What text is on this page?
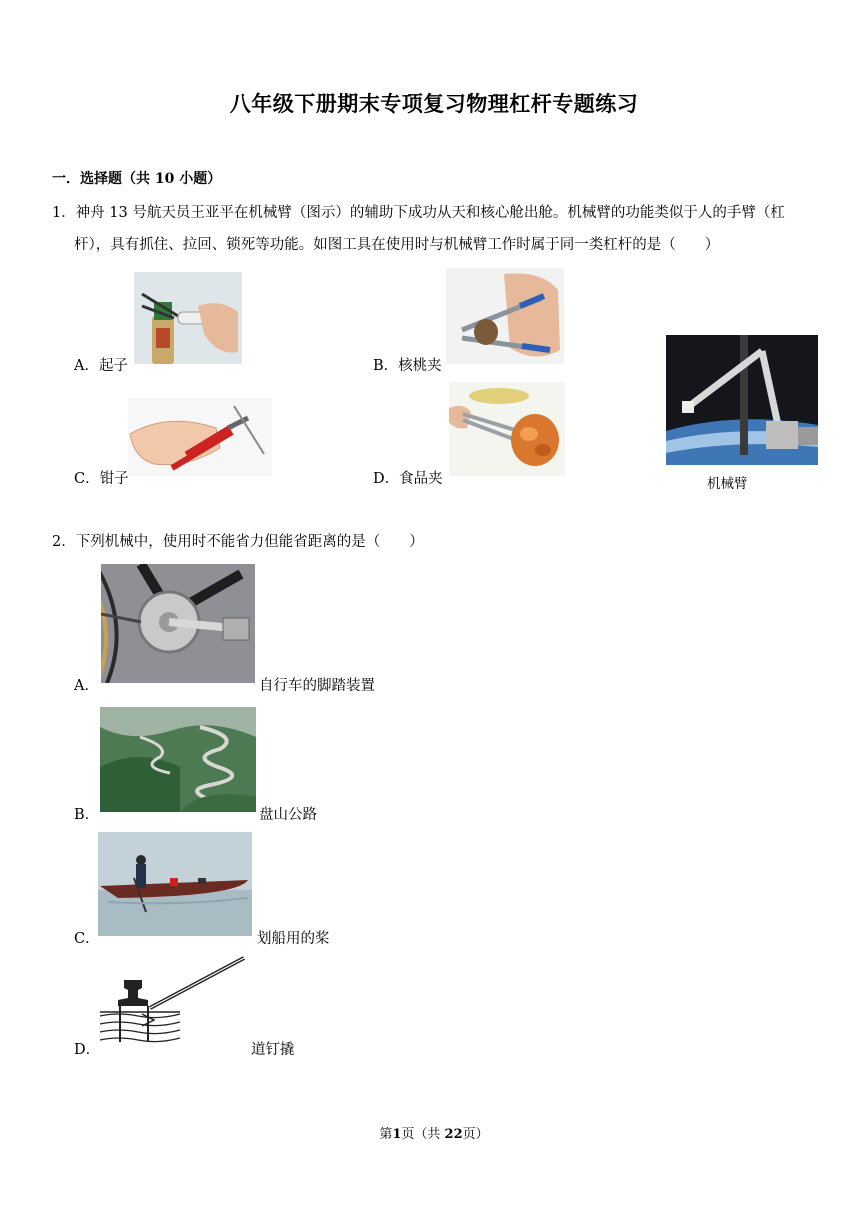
八年级下册期末专项复习物理杠杆专题练习
一．选择题（共 10 小题）
1．神舟 13 号航天员王亚平在机械臂（图示）的辅助下成功从天和核心舱出舱。机械臂的功能类似于人的手臂（杠
杆），具有抓住、拉回、锁死等功能。如图工具在使用时与机械臂工作时属于同一类杠杆的是（　　）
A．起子	B．核桃夹
C．钳子	D．食品夹	机械臂
2．下列机械中，使用时不能省力但能省距离的是（　　）
A．	自行车的脚踏装置
B．	盘山公路
C．	划船用的桨
D．	道钉撬
第1页（共 22页）
